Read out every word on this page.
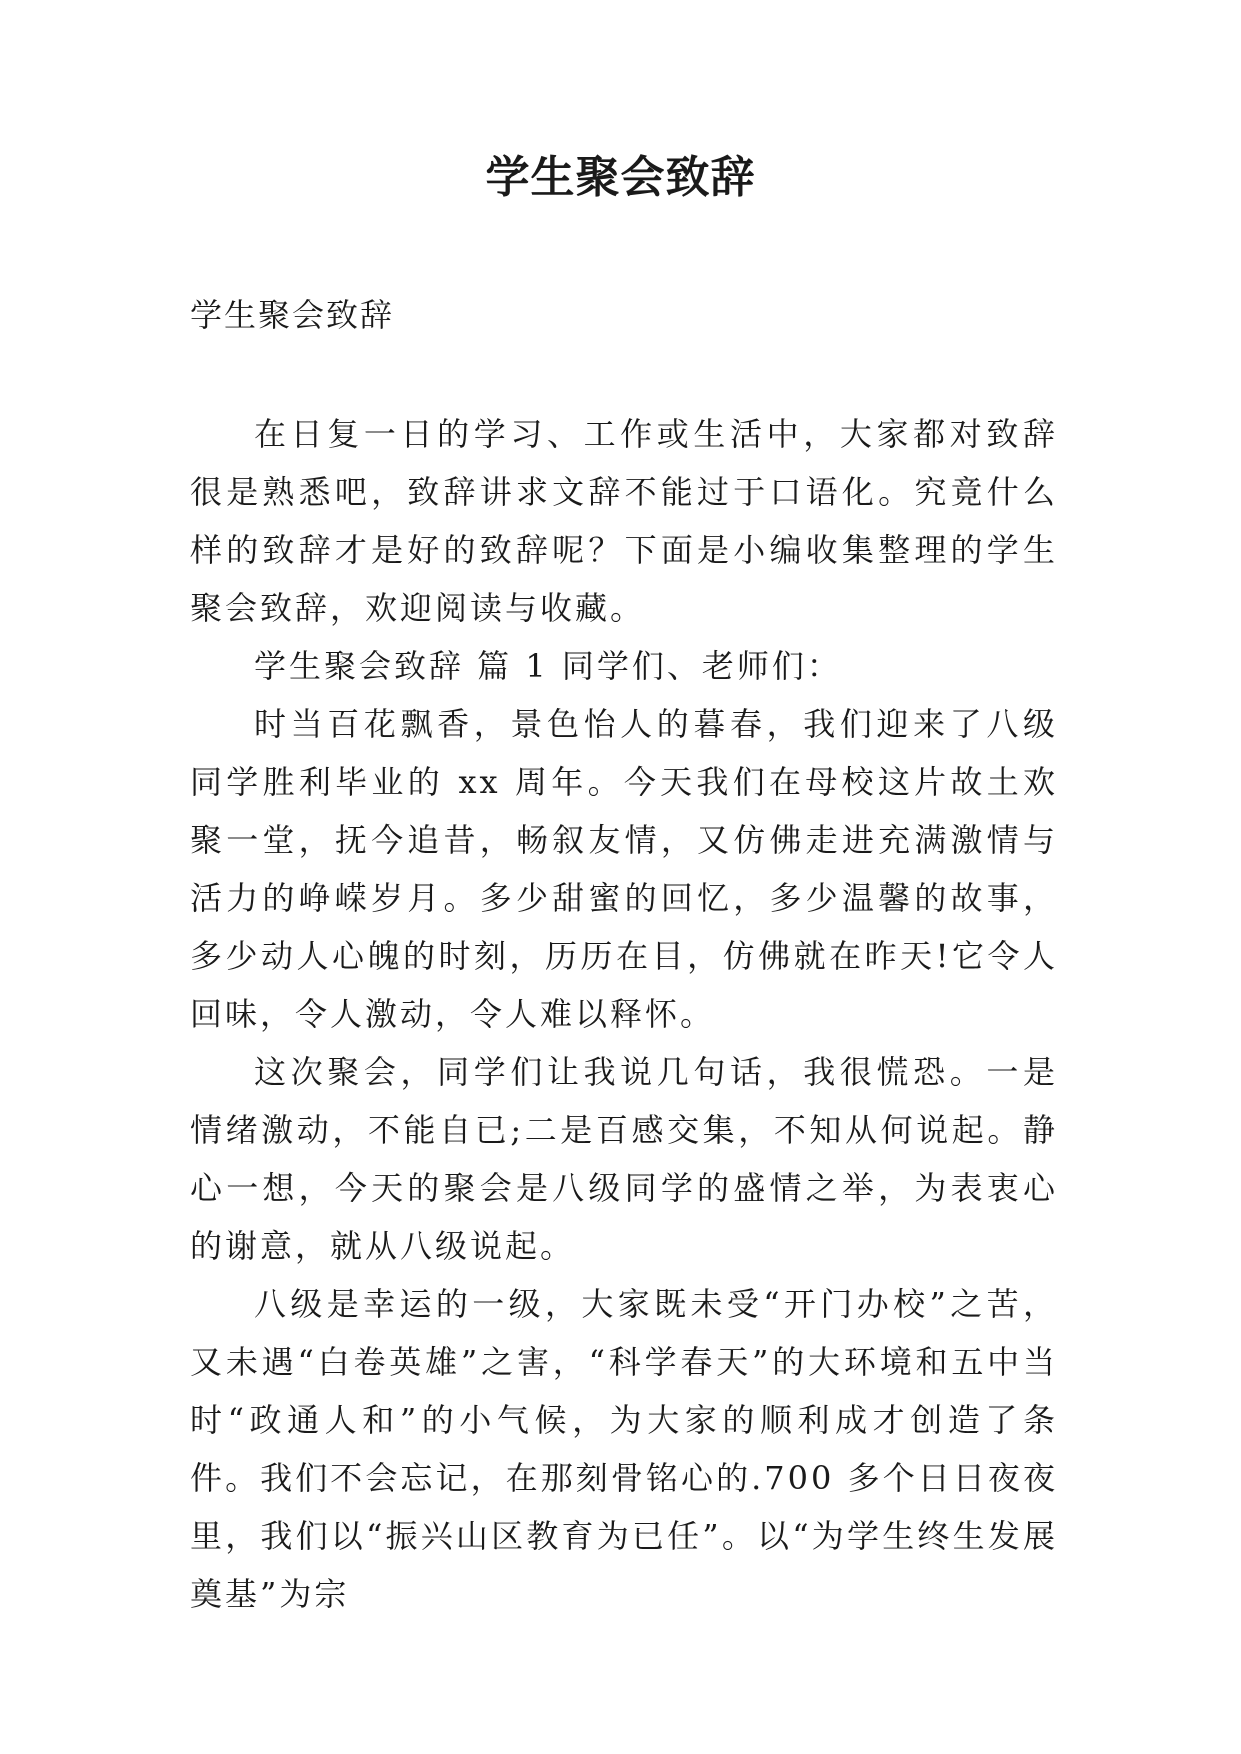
学生聚会致辞

学生聚会致辞

在日复一日的学习、工作或生活中，大家都对致辞很是熟悉吧，致辞讲求文辞不能过于口语化。究竟什么样的致辞才是好的致辞呢？下面是小编收集整理的学生聚会致辞，欢迎阅读与收藏。

学生聚会致辞 篇 1 同学们、老师们：

时当百花飘香，景色怡人的暮春，我们迎来了八级同学胜利毕业的 xx 周年。今天我们在母校这片故土欢聚一堂，抚今追昔，畅叙友情，又仿佛走进充满激情与活力的峥嵘岁月。多少甜蜜的回忆，多少温馨的故事，多少动人心魄的时刻，历历在目，仿佛就在昨天!它令人回味，令人激动，令人难以释怀。

这次聚会，同学们让我说几句话，我很慌恐。一是情绪激动，不能自已;二是百感交集，不知从何说起。静心一想，今天的聚会是八级同学的盛情之举，为表衷心的谢意，就从八级说起。

八级是幸运的一级，大家既未受“开门办校”之苦，又未遇“白卷英雄”之害，“科学春天”的大环境和五中当时“政通人和”的小气候，为大家的顺利成才创造了条件。我们不会忘记，在那刻骨铭心的.700 多个日日夜夜里，我们以“振兴山区教育为已任”。以“为学生终生发展奠基”为宗
